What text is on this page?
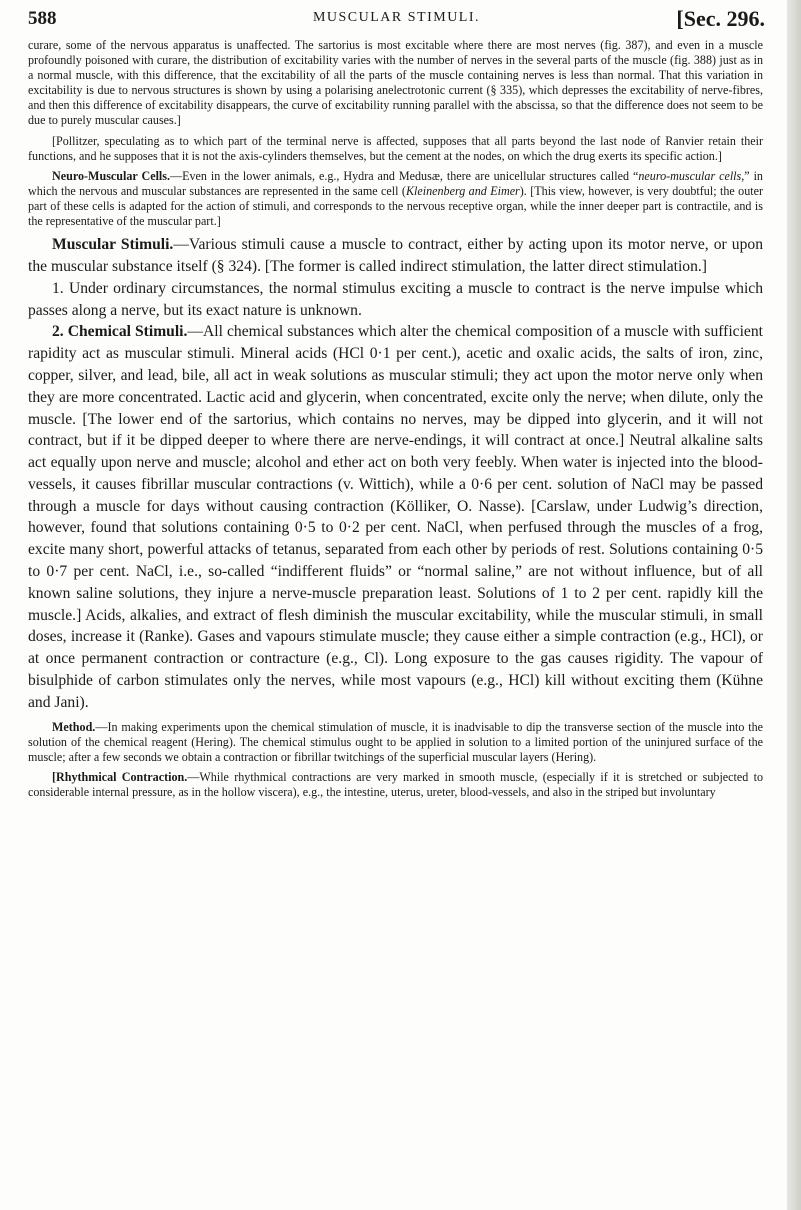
588	MUSCULAR STIMULI.	[Sec. 296.

curare, some of the nervous apparatus is unaffected. The sartorius is most excitable where there are most nerves (fig. 387), and even in a muscle profoundly poisoned with curare, the distribution of excitability varies with the number of nerves in the several parts of the muscle (fig. 388) just as in a normal muscle, with this difference, that the excitability of all the parts of the muscle containing nerves is less than normal. That this variation in excitability is due to nervous structures is shown by using a polarising anelectrotonic current (§ 335), which depresses the excitability of nerve-fibres, and then this difference of excitability disappears, the curve of excitability running parallel with the abscissa, so that the difference does not seem to be due to purely muscular causes.]

[Pollitzer, speculating as to which part of the terminal nerve is affected, supposes that all parts beyond the last node of Ranvier retain their functions, and he supposes that it is not the axis-cylinders themselves, but the cement at the nodes, on which the drug exerts its specific action.]

Neuro-Muscular Cells.—Even in the lower animals, e.g., Hydra and Medusæ, there are unicellular structures called “neuro-muscular cells,” in which the nervous and muscular substances are represented in the same cell (Kleinenberg and Eimer). [This view, however, is very doubtful; the outer part of these cells is adapted for the action of stimuli, and corresponds to the nervous receptive organ, while the inner deeper part is contractile, and is the representative of the muscular part.]

Muscular Stimuli.—Various stimuli cause a muscle to contract, either by acting upon its motor nerve, or upon the muscular substance itself (§ 324). [The former is called indirect stimulation, the latter direct stimulation.]

1. Under ordinary circumstances, the normal stimulus exciting a muscle to contract is the nerve impulse which passes along a nerve, but its exact nature is unknown.

2. Chemical Stimuli.—All chemical substances which alter the chemical composition of a muscle with sufficient rapidity act as muscular stimuli. Mineral acids (HCl 0·1 per cent.), acetic and oxalic acids, the salts of iron, zinc, copper, silver, and lead, bile, all act in weak solutions as muscular stimuli; they act upon the motor nerve only when they are more concentrated. Lactic acid and glycerin, when concentrated, excite only the nerve; when dilute, only the muscle. [The lower end of the sartorius, which contains no nerves, may be dipped into glycerin, and it will not contract, but if it be dipped deeper to where there are nerve-endings, it will contract at once.] Neutral alkaline salts act equally upon nerve and muscle; alcohol and ether act on both very feebly. When water is injected into the blood-vessels, it causes fibrillar muscular contractions (v. Wittich), while a 0·6 per cent. solution of NaCl may be passed through a muscle for days without causing contraction (Kölliker, O. Nasse). [Carslaw, under Ludwig’s direction, however, found that solutions containing 0·5 to 0·2 per cent. NaCl, when perfused through the muscles of a frog, excite many short, powerful attacks of tetanus, separated from each other by periods of rest. Solutions containing 0·5 to 0·7 per cent. NaCl, i.e., so-called “indifferent fluids” or “normal saline,” are not without influence, but of all known saline solutions, they injure a nerve-muscle preparation least. Solutions of 1 to 2 per cent. rapidly kill the muscle.] Acids, alkalies, and extract of flesh diminish the muscular excitability, while the muscular stimuli, in small doses, increase it (Ranke). Gases and vapours stimulate muscle; they cause either a simple contraction (e.g., HCl), or at once permanent contraction or contracture (e.g., Cl). Long exposure to the gas causes rigidity. The vapour of bisulphide of carbon stimulates only the nerves, while most vapours (e.g., HCl) kill without exciting them (Kühne and Jani).

Method.—In making experiments upon the chemical stimulation of muscle, it is inadvisable to dip the transverse section of the muscle into the solution of the chemical reagent (Hering). The chemical stimulus ought to be applied in solution to a limited portion of the uninjured surface of the muscle; after a few seconds we obtain a contraction or fibrillar twitchings of the superficial muscular layers (Hering).

[Rhythmical Contraction.—While rhythmical contractions are very marked in smooth muscle, (especially if it is stretched or subjected to considerable internal pressure, as in the hollow viscera), e.g., the intestine, uterus, ureter, blood-vessels, and also in the striped but involuntary
